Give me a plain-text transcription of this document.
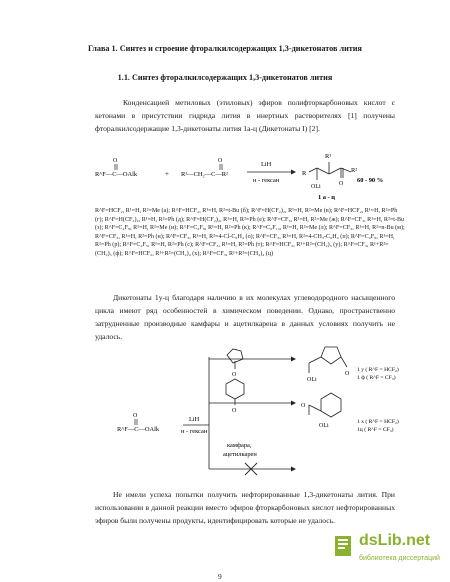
Глава 1. Синтез и строение фторалкилсодержащих 1,3-дикетонатов лития
1.1. Синтез фторалкилсодержащих 1,3-дикетонатов лития
Конденсацией метиловых (этиловых) эфиров полифторкарбоновых кислот с кетонами в присутствии гидрида лития в инертных растворителях [1] получены фторалкилсодержащие 1,3-дикетонаты лития 1а-ц (Дикетонаты I) [2].
R^F—C—OAlk
O
+ R¹—CH₂—C—R²
O	LiH
н - гексан
R
R¹
R²
O
OLi
60 - 90 %
1 а - ц
R^F=HCF₂, R¹=H, R²=Me (а); R^F=HCF₂, R¹=H, R²=t-Bu (б); R^F=H(CF₂)₂, R¹=H, R²=Me (в); R^F=HCF₂, R¹=H, R²=Ph (г); R^F=H(CF₂)₂, R¹=H, R²=Ph (д); R^F=H(CF₂)₂, R¹=H, R²=Ph (е); R^F=CF₃, R¹=H, R²=Me (ж); R^F=CF₃, R¹=H, R²=t-Bu (з); R^F=C₄F₉, R¹=H, R²=Me (и); R^F=C₄F₉, R¹=H, R²=Ph (к); R^F=C₆F₁₃, R¹=H, R²=Me (л); R^F=CF₃, R¹=H, R²=n-Bu (м); R^F=CF₃, R¹=H, R²=Ph (н); R^F=CF₃, R¹=H, R²=4-Cl-C₆H₄ (о); R^F=CF₃, R¹=H, R²=4-CH₃-C₆H₄ (п); R^F=C₄F₉, R¹=H, R²=Ph (р); R^F=C₂F₅, R¹=H, R²=Ph (с); R^F=CF₃, R¹=H, R²=Ph (т); R^F=HCF₂, R¹+R²=(CH₂)₃ (у); R^F=CF₃, R¹+R²=(CH₂)₃ (ф); R^F=HCF₂, R¹+R²=(CH₂)₄ (х); R^F=CF₃, R¹+R²=(CH₂)₄ (ц)
Дикетонаты 1у-ц благодаря наличию в их молекулах углеводородного насыщенного цикла имеют ряд особенностей в химическом поведении. Однако, пространственно затрудненные производные камфары и ацетилкарена в данных условиях получить не удалось.
R^F—C—OAlk
O	LiH
н - гексан
O
O
камфара,
ацетилкарен
OLi
O
1 у ( R^F = HCF₂)
1 ф ( R^F = CF₃)
O
OLi
1 х ( R^F = HCF₂)
1ц ( R^F = CF₃)
Не имели успеха попытки получить нефторированные 1,3-дикетонаты лития. При использовании в данной реакции вместо эфиров фторкарбоновых кислот нефторированных эфиров были получены продукты, идентифицировать которые не удалось.
9
dsLib.net
библиотека диссертаций
